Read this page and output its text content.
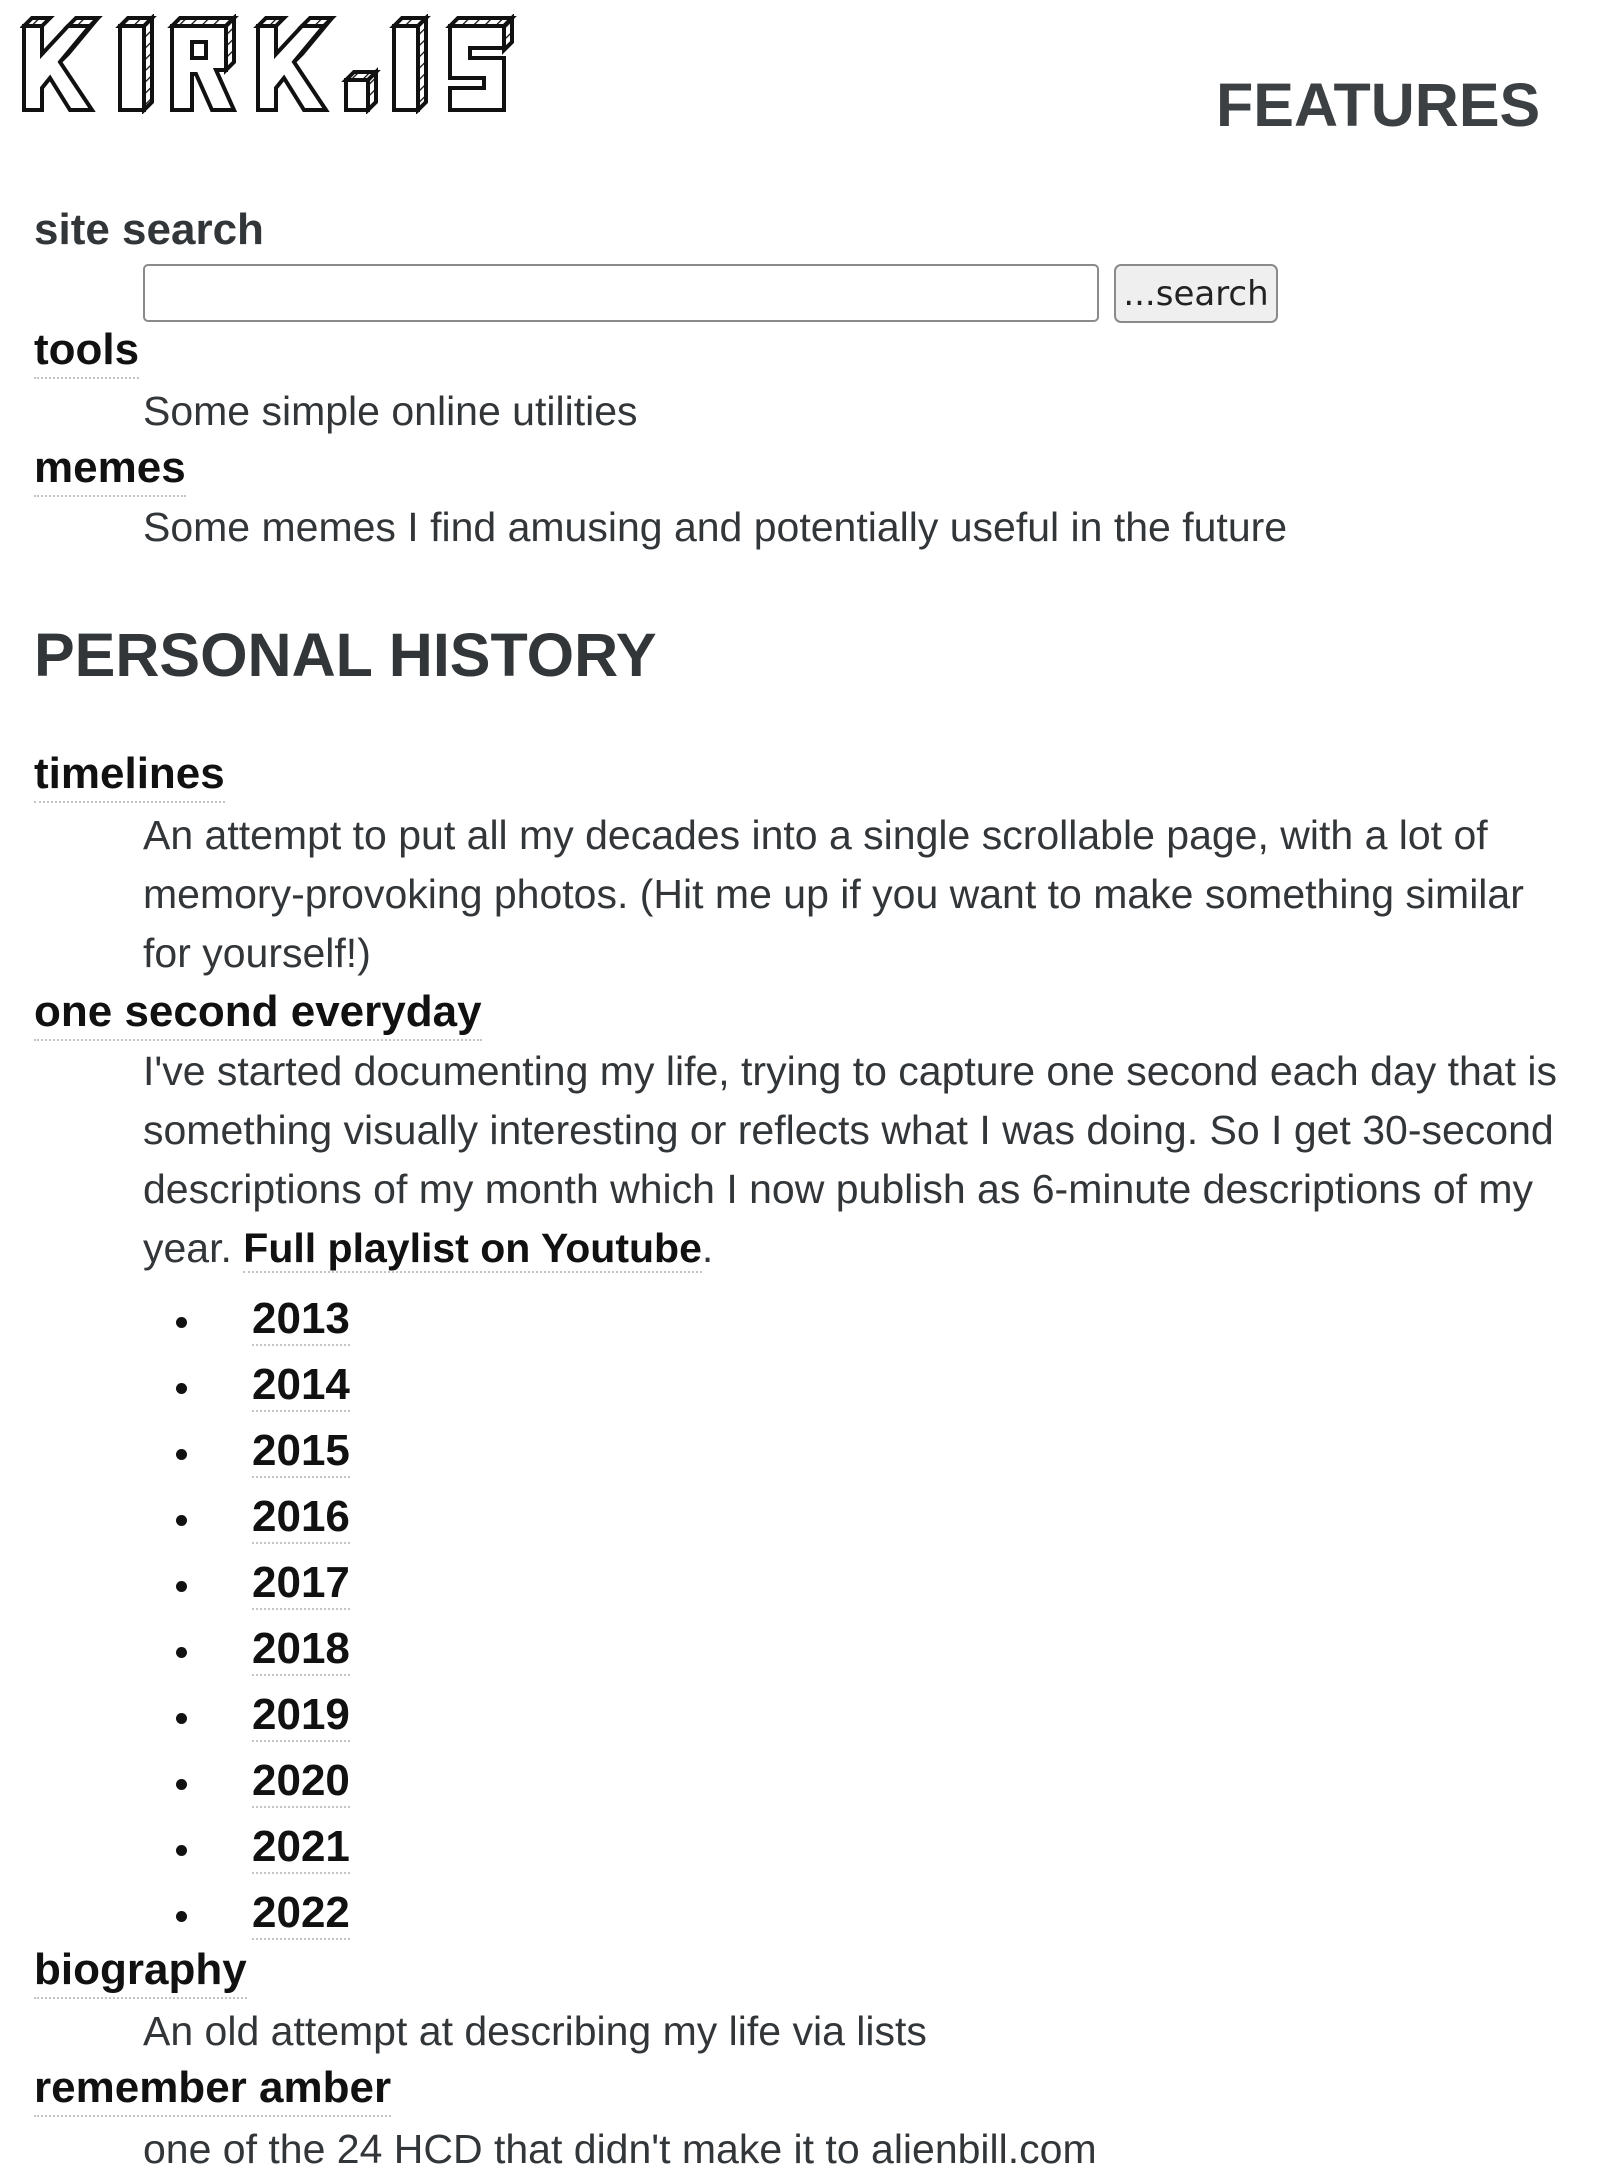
FEATURES
site search
...search
tools

Some simple online utilities

memes

Some memes I find amusing and potentially useful in the future

PERSONAL HISTORY
timelines

An attempt to put all my decades into a single scrollable page, with a lot of memory-provoking photos. (Hit me up if you want to make something similar for yourself!)

one second everyday

I've started documenting my life, trying to capture one second each day that is something visually interesting or reflects what I was doing. So I get 30-second descriptions of my month which I now publish as 6-minute descriptions of my year. Full playlist on Youtube.

2013
2014
2015
2016
2017
2018
2019
2020
2021
2022
biography

An old attempt at describing my life via lists

remember amber

one of the 24 HCD that didn't make it to alienbill.com
